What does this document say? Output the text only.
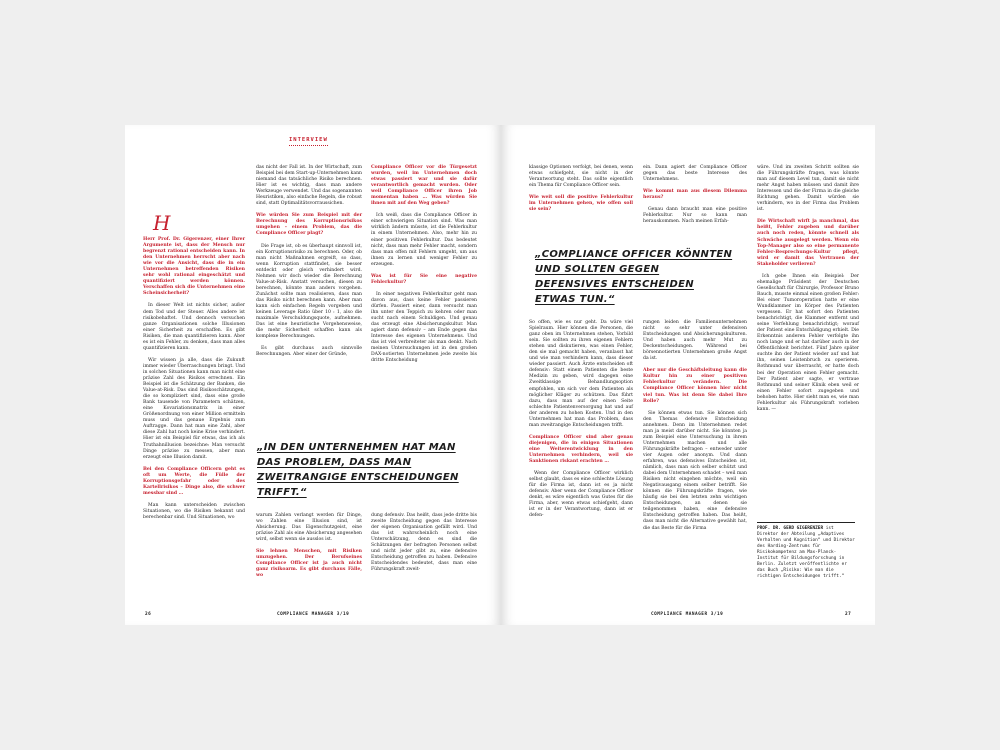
INTERVIEW
H

Herr Prof. Dr. Gigerenzer, einer Ihrer Argumente ist, dass der Mensch nur begrenzt rational entscheiden kann. In den Unternehmen herrscht aber nach wie vor die Ansicht, dass die in ein Unternehmen betreffenden Risiken sehr wohl rational eingeschätzt und quantifiziert werden können. Verschaffen sich die Unternehmen eine Scheinsicherheit?

In dieser Welt ist nichts sicher, außer dem Tod und der Steuer. Alles andere ist risikobehaftet. Und dennoch versuchen ganze Organisationen solche Illusionen einer Sicherheit zu erschaffen. Es gibt Risiken, die man quantifizieren kann. Aber es ist ein Fehler, zu denken, dass man alles quantifizieren kann.

Wir wissen ja alle, dass die Zukunft immer wieder Überraschungen bringt. Und in solchen Situationen kann man nicht eine präzise Zahl des Risikos errechnen. Ein Beispiel ist die Schätzung der Banken, die Value-at-Risk. Das sind Risikoschätzungen, die so kompliziert sind, dass eine große Bank tausende von Parametern schätzen, eine Kovariationsmatrix in einer Größenordnung von einer Million ermitteln muss und das genaue Ergebnis zum Auftragge. Dann hat man eine Zahl, aber diese Zahl hat noch keine Krise verhindert. Hier ist ein Beispiel für etwas, das ich als Truthahnillusion bezeichne: Man versucht Dinge präzise zu messen, aber man erzeugt eine Illusion damit.

Bei den Compliance Officern geht es oft um Werte, die Fülle der Korruptionsgefahr oder des Kartellrisikos – Dinge also, die schwer messbar sind …

Man kann unterscheiden zwischen Situationen, wo die Risiken bekannt und berechenbar sind. Und Situationen, wo

das nicht der Fall ist. In der Wirtschaft, zum Beispiel bei dem Start-up-Unternehmen kann niemand das tatsächliche Risiko berechnen. Hier ist es wichtig, dass man andere Werkzeuge verwendet. Und das sogenannten Heuristiken, also einfache Regeln, die robust sind, statt Optimalitätsvorraussichen.

Wie würden Sie zum Beispiel mit der Berechnung des Korruptionsrisikos umgehen – einem Problem, das die Compliance Officer plagt?

Die Frage ist, ob es überhaupt sinnvoll ist, ein Korruptionsrisiko zu berechnen. Oder, ob man nicht Maßnahmen ergreift, so dass, wenn Korruption stattfindet, sie besser entdeckt oder gleich verhindert wird. Nehmen wir doch wieder die Berechnung Value-at-Risk. Anstatt versuchen, diesen zu berechnen, könnte man anders vorgehen. Zunächst sollte man realisieren, dass man das Risiko nicht berechnen kann. Aber man kann sich einfachen Regeln vorgeben und keinen Leverage Ratio über 10 : 1, also die maximale Verschuldungsquote, aufnehmen. Das ist eine heuristische Vorgehensweise, die mehr Sicherheit schaffen kann als komplexe Berechnungen.

Es gibt durchaus auch sinnvolle Berechnungen. Aber einer der Gründe,

Compliance Officer vor die Türgesetzt wurden, weil im Unternehmen doch etwas passiert war und sie dafür verantwortlich gemacht wurden. Oder weil Compliance Officer ihren Job momentan haben … Was würden Sie ihnen mit auf den Weg geben?

Ich weiß, dass die Compliance Officer in einer schwierigen Situation sind. Was man wirklich ändern müsste, ist die Fehlerkultur in einem Unternehmen. Also, mehr hin zu einer positiven Fehlerkultur. Das bedeutet nicht, dass man mehr Fehler macht, sondern dass man offen mit Fehlern umgeht, um aus ihnen zu lernen und weniger Fehler zu erzeugen.

Was ist für Sie eine negative Fehlerkultur?

In einer negativen Fehlerkultur geht man davon aus, dass keine Fehler passieren dürfen. Passiert einer, dann versucht man ihn unter den Teppich zu kehren oder man sucht nach einem Schuldigen. Und genau das erzeugt eine Absicherungskultur. Man agiert dann defensiv – am Ende gegen das Interesse des eigenen Unternehmens. Und das ist viel verbreiteter als man denkt. Nach meinen Untersuchungen ist in den großen DAX-notierten Unternehmen jede zweite bis dritte Entscheidung

„IN DEN UNTERNEHMEN HAT MAN DAS PROBLEM, DASS MAN ZWEITRANGIGE ENTSCHEIDUNGEN TRIFFT.“

warum Zahlen verlangt werden für Dinge, wo Zahlen eine Illusion sind, ist Absicherung. Das Eigenschutzgeist, eine präzise Zahl als eine Absicherung angesehen wird, selbst wenn sie ausslos ist.

Sie lehnen Menschen, mit Risiken umzugehen. Der Berufseines Compliance Officer ist ja auch nicht ganz risikoarm. Es gibt durchaus Fälle, wo

dung defensiv. Das heißt, dass jede dritte bis zweite Entscheidung gegen das Interesse der eigenen Organisation gefällt wird. Und das ist wahrscheinlich noch eine Unterschätzung, denn es sind die Schätzungen der befragten Personen selbst und nicht jeder gibt zu, eine defensive Entscheidung getroffen zu haben. Defensive Entscheidendes bedeutet, dass man eine Führungskraft zweit-

26	COMPLIANCE MANAGER 3/19

klassige Optionen verfolgt, bei denen, wenn etwas schiefgeht, sie nicht in der Verantwortung steht. Das sollte eigentlich ein Thema für Compliance Officer sein.

Wie weit soll die positive Fehlerkultur im Unternehmen gehen, wie offen soll sie sein?

ein. Dann agiert der Compliance Officer gegen das beste Interesse des Unternehmens.

Wie kommt man aus diesem Dilemma heraus?

Genau dann braucht man eine positive Fehlerkultur. Nur so kann man herauskommen. Nach meinen Erfah-

wäre. Und im zweiten Schritt sollten sie die Führungskräfte fragen, was könnte man auf diesem Level tun, damit sie nicht mehr Angst haben müssen und damit ihre Interessen und die der Firma in die gleiche Richtung gehen. Damit würden sie verhindern, wo in der Firma das Problem ist.

Die Wirtschaft wirft ja manchmal, das heißt, Fehler zugeben und darüber auch noch reden, könnte schnell als Schwäche ausgelegt werden. Wenn ein Top-Manager also so eine permanente Fehler-Besprechungs-Kultur pflegt, wird er damit das Vertrauen der Stakeholder verlieren?

Ich gebe Ihnen ein Beispiel: Der ehemalige Präsident der Deutschen Gesellschaft für Chirurgie, Professor Bruno Bauch, musste einmal einen großen Fehler: Bei einer Tumoroperation hatte er eine Wundklammer im Körper des Patienten vergessen. Er hat sofort den Patienten benachrichtigt, die Klammer entfernt und seine Verfehlung benachrichtigt; worauf der Patient eine Entschädigung erhielt. Die Erkenntnis anderen Fehler verfolgte ihn noch lange und er hat darüber auch in der Öffentlichkeit berichtet. Fünf Jahre später suchte ihn der Patient wieder auf und bat ihn, seinen Leistenbruch zu operieren. Rothmund war überrascht, er hatte doch bei der Operation einen Fehler gemacht. Der Patient aber sagte, er vertraue Rothmund und seiner Klinik eben weil er einen Fehler sofort zugegeben und behoben hatte. Hier sieht man es, wie man Fehlerkultur als Führungskraft vorleben kann. —

„COMPLIANCE OFFICER KÖNNTEN UND SOLLTEN GEGEN DEFENSIVES ENTSCHEIDEN ETWAS TUN.“

So offen, wie es nur geht. Da wäre viel Spielraum. Hier können die Personen, die ganz oben im Unternehmen stehen, Vorbild sein. Sie sollten zu ihren eigenen Fehlern stehen und diskutieren, was einen Fehler, den sie mal gemacht haben, veranlasst hat und wie man verhindern kann, dass dieser wieder passiert. Auch Ärzte entscheiden oft defensiv: Statt einem Patienten die beste Medizin zu geben, wird dagegen eine Zweitklassige Behandlungsoption empfohlen, um sich vor dem Patienten als möglicher Kläger zu schützen. Das führt dazu, dass man auf der einen Seite schlechte Patientenversorgung hat und auf der anderen zu hohen Kosten. Und in den Unternehmen hat man das Problem, dass man zweitrangige Entscheidungen trifft.

Compliance Officer sind aber genau diejenigen, die in einigen Situationen eine Weiterentwicklung in den Unternehmen verhindern, weil sie Sanktionen riskant erachten …

Wenn der Compliance Officer wirklich selbst glaubt, dass es eine schlechte Lösung für die Firma ist, dann ist es ja nicht defensiv. Aber wenn der Compliance Officer denkt, es wäre eigentlich was Gutes für die Firma, aber, wenn etwas schiefgeht, dann ist er in der Verantwortung, dann ist er defen-

rungen leiden die Familienunternehmen nicht so sehr unter defensiven Entscheidungen und Absicherungskulturen. Und haben auch mehr Mut zu Deckentscheidungen. Während bei börsennotierten Unternehmen große Angst da ist.

Aber nur die Geschäftsleitung kann die Kultur hin zu einer positiven Fehlerkultur verändern. Die Compliance Officer können hier nicht viel tun. Was ist denn Sie dabei Ihre Rolle?

Sie können etwas tun. Sie können sich den Themas defensive Entscheidung annehmen. Denn im Unternehmen redet man ja meist darüber nicht. Sie könnten ja zum Beispiel eine Untersuchung in ihrem Unternehmen machen und alle Führungskräfte befragen – entweder unter vier Augen oder anonym. Und dann erfahren, was defensives Entscheiden ist, nämlich, dass man sich selber schützt und dabei dem Unternehmen schadet – weil man Risiken nicht eingehen möchte, weil ein Negativausgang einem selber betrifft. Sie können die Führungskräfte fragen, wie häufig sie bei den letzten zehn wichtigen Entscheidungen, an denen sie teilgenommen haben, eine defensive Entscheidung getroffen haben. Das heißt, dass man nicht die Alternative gewählt hat, die das Beste für die Firma	PROF. DR. GERD GIGERENZER ist Direktor der Abteilung „Adaptives Verhalten und Kognition“ und Direktor des Harding-Zentrums für Risikokompetenz am Max-Planck-Institut für Bildungsforschung in Berlin. Zuletzt veröffentlichte er das Buch „Risiko: Wie man die richtigen Entscheidungen trifft.“
COMPLIANCE MANAGER 3/19	27
